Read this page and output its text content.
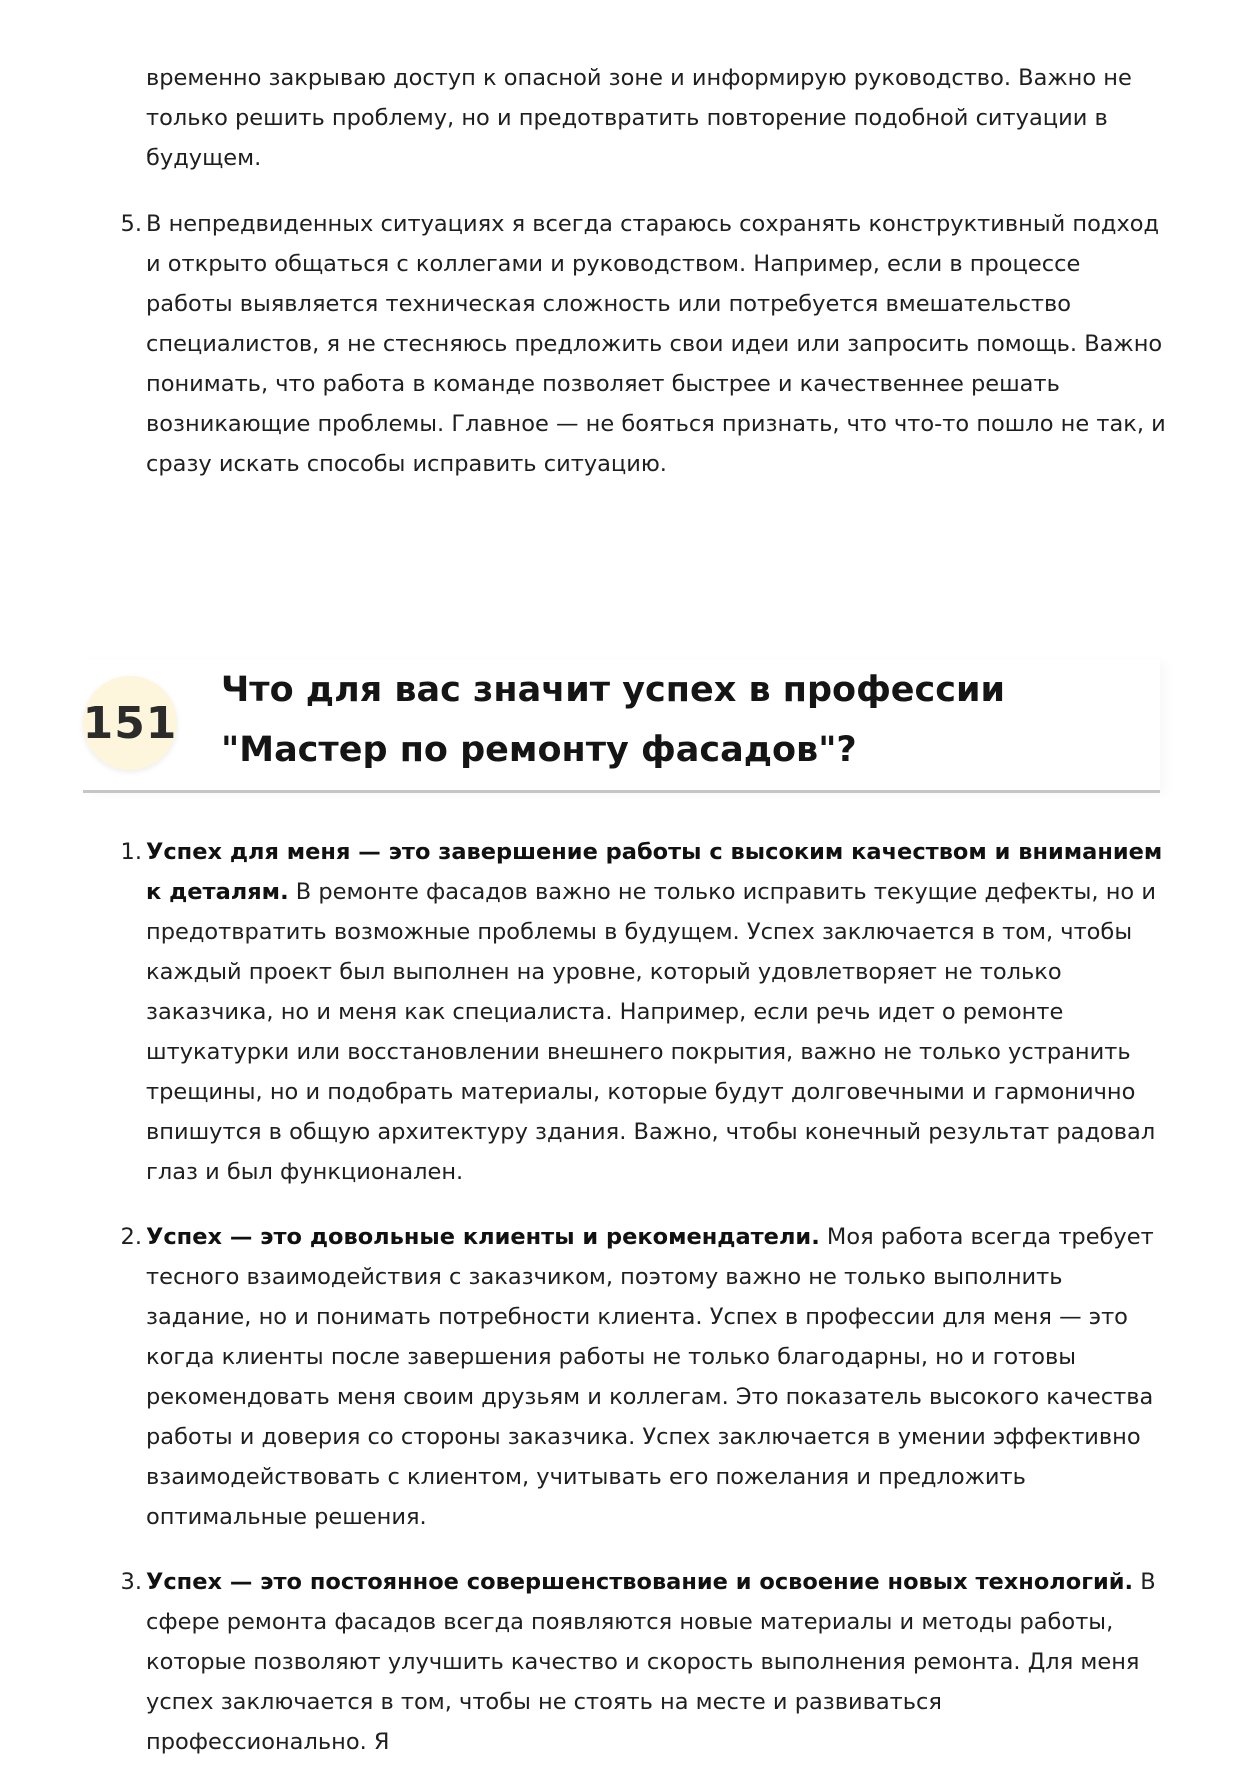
временно закрываю доступ к опасной зоне и информирую руководство. Важно не только решить проблему, но и предотвратить повторение подобной ситуации в будущем.

5. В непредвиденных ситуациях я всегда стараюсь сохранять конструктивный подход и открыто общаться с коллегами и руководством. Например, если в процессе работы выявляется техническая сложность или потребуется вмешательство специалистов, я не стесняюсь предложить свои идеи или запросить помощь. Важно понимать, что работа в команде позволяет быстрее и качественнее решать возникающие проблемы. Главное — не бояться признать, что что-то пошло не так, и сразу искать способы исправить ситуацию.
151
Что для вас значит успех в профессии "Мастер по ремонту фасадов"?
1. Успех для меня — это завершение работы с высоким качеством и вниманием к деталям. В ремонте фасадов важно не только исправить текущие дефекты, но и предотвратить возможные проблемы в будущем. Успех заключается в том, чтобы каждый проект был выполнен на уровне, который удовлетворяет не только заказчика, но и меня как специалиста. Например, если речь идет о ремонте штукатурки или восстановлении внешнего покрытия, важно не только устранить трещины, но и подобрать материалы, которые будут долговечными и гармонично впишутся в общую архитектуру здания. Важно, чтобы конечный результат радовал глаз и был функционален.
2. Успех — это довольные клиенты и рекомендатели. Моя работа всегда требует тесного взаимодействия с заказчиком, поэтому важно не только выполнить задание, но и понимать потребности клиента. Успех в профессии для меня — это когда клиенты после завершения работы не только благодарны, но и готовы рекомендовать меня своим друзьям и коллегам. Это показатель высокого качества работы и доверия со стороны заказчика. Успех заключается в умении эффективно взаимодействовать с клиентом, учитывать его пожелания и предложить оптимальные решения.
3. Успех — это постоянное совершенствование и освоение новых технологий. В сфере ремонта фасадов всегда появляются новые материалы и методы работы, которые позволяют улучшить качество и скорость выполнения ремонта. Для меня успех заключается в том, чтобы не стоять на месте и развиваться профессионально. Я
